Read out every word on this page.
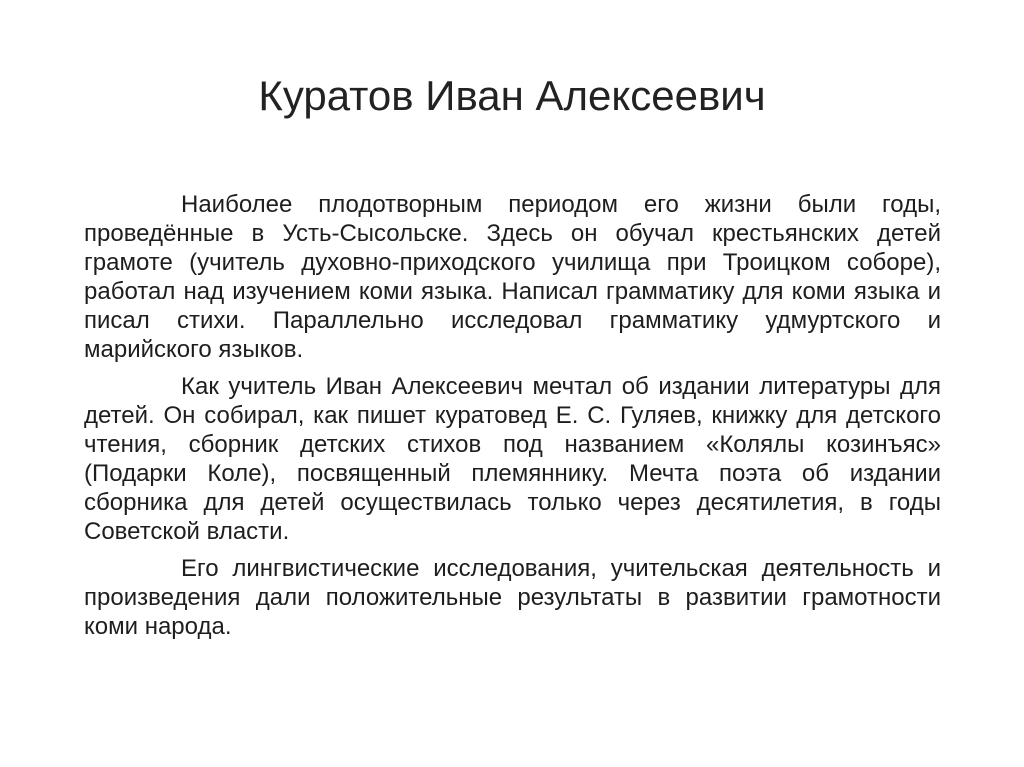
Куратов Иван Алексеевич

Наиболее плодотворным периодом его жизни были годы, проведённые в Усть-Сысольске. Здесь он обучал крестьянских детей грамоте (учитель духовно-приходского училища при Троицком соборе), работал над изучением коми языка. Написал грамматику для коми языка и писал стихи. Параллельно исследовал грамматику удмуртского и марийского языков.

Как учитель Иван Алексеевич мечтал об издании литературы для детей. Он собирал, как пишет куратовед Е. С. Гуляев, книжку для детского чтения, сборник детских стихов под названием «Колялы козинъяс» (Подарки Коле), посвященный племяннику. Мечта поэта об издании сборника для детей осуществилась только через десятилетия, в годы Советской власти.

Его лингвистические исследования, учительская деятельность и произведения дали положительные результаты в развитии грамотности коми народа.
